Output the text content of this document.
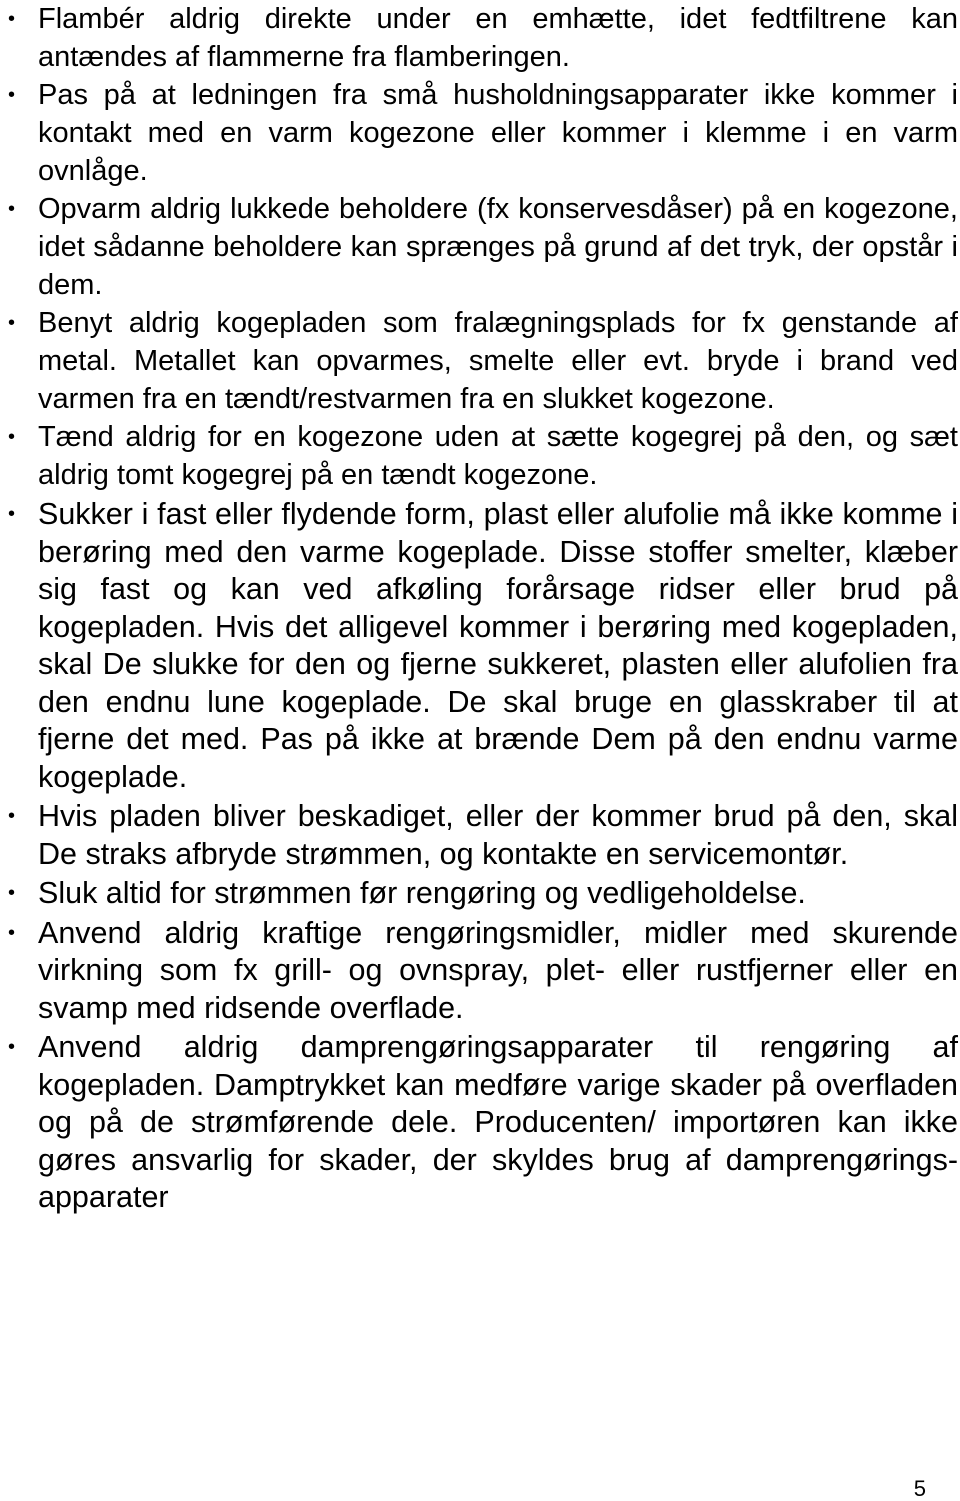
• Flambér aldrig direkte under en emhætte, idet fedtfiltrene kan antændes af flammerne fra flamberingen.
• Pas på at ledningen fra små husholdningsapparater ikke kommer i kontakt med en varm kogezone eller kommer i klemme i en varm ovnlåge.
• Opvarm aldrig lukkede beholdere (fx konservesdåser) på en kogezone, idet sådanne beholdere kan sprænges på grund af det tryk, der opstår i dem.
• Benyt aldrig kogepladen som fralægningsplads for fx genstande af metal. Metallet kan opvarmes, smelte eller evt. bryde i brand ved varmen fra en tændt/restvarmen fra en slukket kogezone.
• Tænd aldrig for en kogezone uden at sætte kogegrej på den, og sæt aldrig tomt kogegrej på en tændt kogezone.
• Sukker i fast eller flydende form, plast eller alufolie må ikke komme i berøring med den varme kogeplade. Disse stoffer smelter, klæber sig fast og kan ved afkøling forårsage ridser eller brud på kogepladen. Hvis det alligevel kommer i berøring med kogepladen, skal De slukke for den og fjerne sukkeret, plasten eller alufolien fra den endnu lune kogeplade. De skal bruge en glasskraber til at fjerne det med. Pas på ikke at brænde Dem på den endnu varme kogeplade.
• Hvis pladen bliver beskadiget, eller der kommer brud på den, skal De straks afbryde strømmen, og kontakte en servicemontør.
• Sluk altid for strømmen før rengøring og vedligeholdelse.
• Anvend aldrig kraftige rengøringsmidler, midler med skurende virkning som fx grill- og ovnspray, plet- eller rustfjerner eller en svamp med ridsende overflade.
• Anvend aldrig damprengøringsapparater til rengøring af kogepladen. Damptrykket kan medføre varige skader på overfladen og på de strømførende dele. Producenten/ importøren kan ikke gøres ansvarlig for skader, der skyldes brug af damprengørings-apparater
5
